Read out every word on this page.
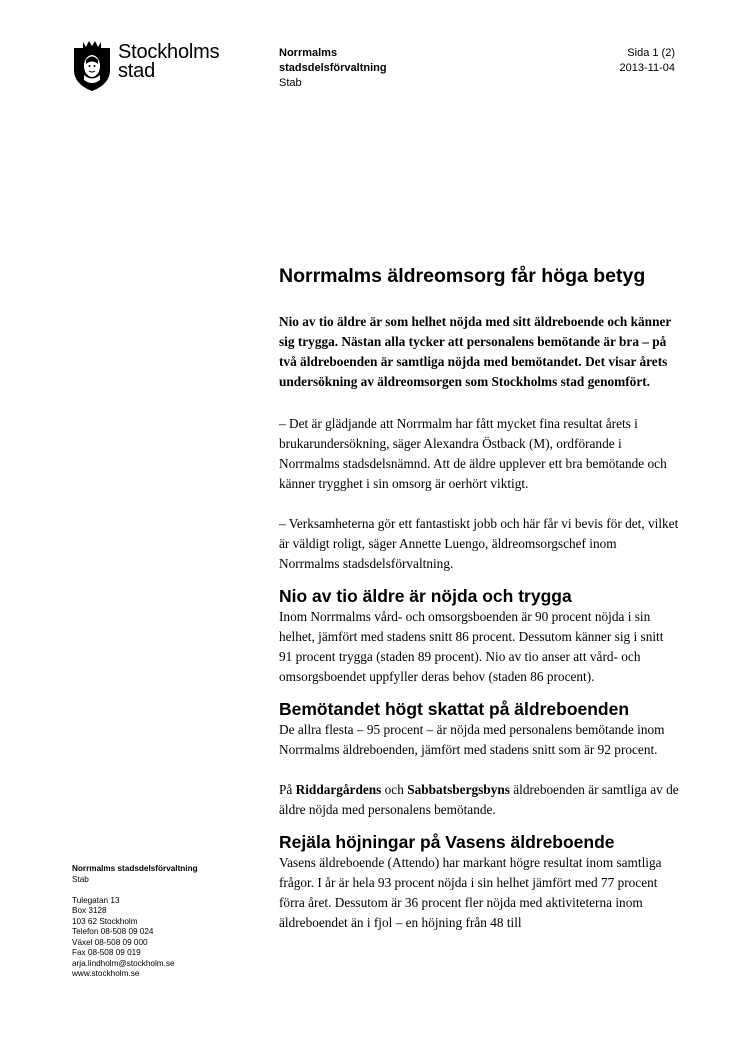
Stockholms
stad
Norrmalms
stadsdelsförvaltning
Stab
Sida 1 (2)
2013-11-04
Norrmalms äldreomsorg får höga betyg

Nio av tio äldre är som helhet nöjda med sitt äldreboende och känner sig trygga. Nästan alla tycker att personalens bemötande är bra – på två äldreboenden är samtliga nöjda med bemötandet. Det visar årets undersökning av äldreomsorgen som Stockholms stad genomfört.

– Det är glädjande att Norrmalm har fått mycket fina resultat årets i brukarundersökning, säger Alexandra Östback (M), ordförande i Norrmalms stadsdelsnämnd. Att de äldre upplever ett bra bemötande och känner trygghet i sin omsorg är oerhört viktigt.

– Verksamheterna gör ett fantastiskt jobb och här får vi bevis för det, vilket är väldigt roligt, säger Annette Luengo, äldreomsorgschef inom Norrmalms stadsdelsförvaltning.

Nio av tio äldre är nöjda och trygga

Inom Norrmalms vård- och omsorgsboenden är 90 procent nöjda i sin helhet, jämfört med stadens snitt 86 procent. Dessutom känner sig i snitt 91 procent trygga (staden 89 procent). Nio av tio anser att vård- och omsorgsboendet uppfyller deras behov (staden 86 procent).

Bemötandet högt skattat på äldreboenden

De allra flesta – 95 procent – är nöjda med personalens bemötande inom Norrmalms äldreboenden, jämfört med stadens snitt som är 92 procent.

På Riddargårdens och Sabbatsbergsbyns äldreboenden är samtliga av de äldre nöjda med personalens bemötande.

Rejäla höjningar på Vasens äldreboende

Vasens äldreboende (Attendo) har markant högre resultat inom samtliga frågor. I år är hela 93 procent nöjda i sin helhet jämfört med 77 procent förra året. Dessutom är 36 procent fler nöjda med aktiviteterna inom äldreboendet än i fjol – en höjning från 48 till

Norrmalms stadsdelsförvaltning
Stab
Tulegatan 13
Box 3128
103 62 Stockholm
Telefon 08-508 09 024
Växel 08-508 09 000
Fax 08-508 09 019
arja.lindholm@stockholm.se
www.stockholm.se
